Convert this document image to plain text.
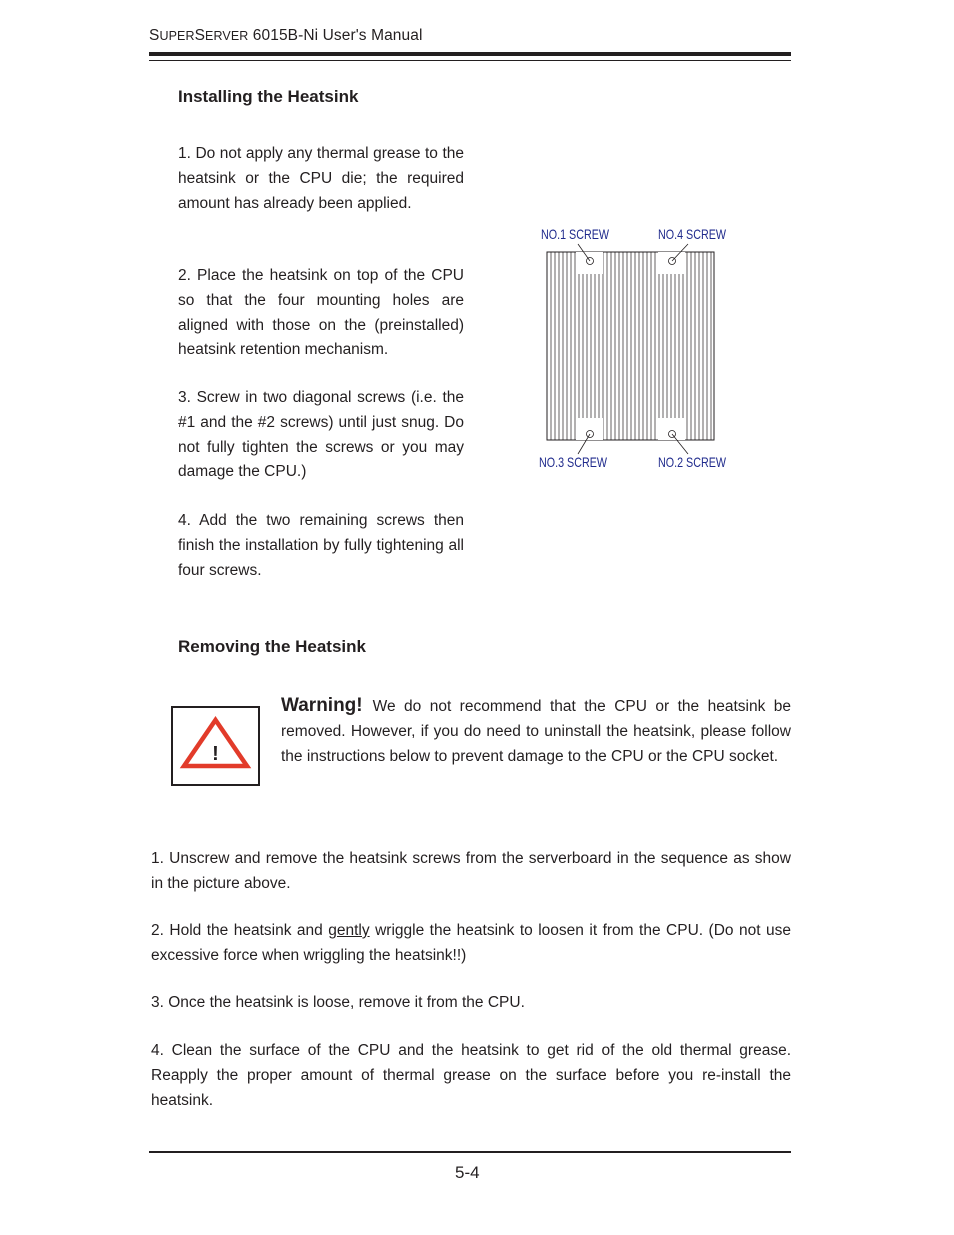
SUPERSERVER 6015B-Ni User's Manual
Installing the Heatsink

1. Do not apply any thermal grease to the heatsink or the CPU die; the required amount has already been applied.

2. Place the heatsink on top of the CPU so that the four mounting holes are aligned with those on the (preinstalled) heatsink retention mechanism.

3. Screw in two diagonal screws (i.e. the #1 and the #2 screws) until just snug. Do not fully tighten the screws or you may damage the CPU.)

4. Add the two remaining screws then finish the installation by fully tightening all four screws.

NO.1 SCREW	NO.4 SCREW
NO.3 SCREW	NO.2 SCREW
Removing the Heatsink
!

Warning! We do not recommend that the CPU or the heatsink be removed. However, if you do need to uninstall the heatsink, please follow the instructions below to prevent damage to the CPU or the CPU socket.

1. Unscrew and remove the heatsink screws from the serverboard in the sequence as show in the picture above.

2. Hold the heatsink and gently wriggle the heatsink to loosen it from the CPU. (Do not use excessive force when wriggling the heatsink!!)

3. Once the heatsink is loose, remove it from the CPU.

4. Clean the surface of the CPU and the heatsink to get rid of the old thermal grease. Reapply the proper amount of thermal grease on the surface before you re-install the heatsink.

5-4
